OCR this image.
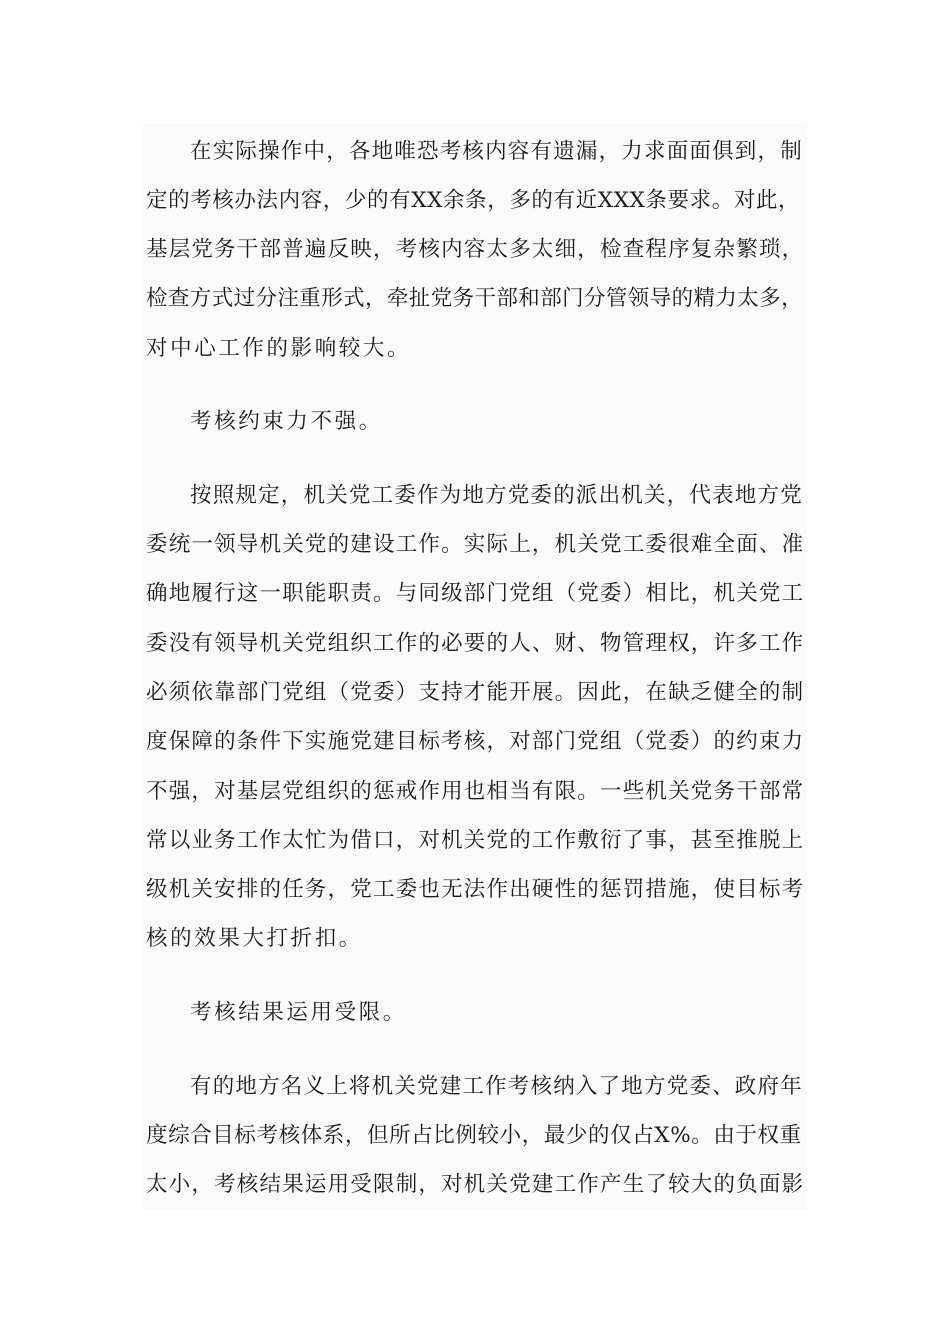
在实际操作中，各地唯恐考核内容有遗漏，力求面面俱到，制
定的考核办法内容，少的有XX余条，多的有近XXX条要求。对此，
基层党务干部普遍反映，考核内容太多太细，检查程序复杂繁琐，
检查方式过分注重形式，牵扯党务干部和部门分管领导的精力太多，
对中心工作的影响较大。
考核约束力不强。
按照规定，机关党工委作为地方党委的派出机关，代表地方党
委统一领导机关党的建设工作。实际上，机关党工委很难全面、准
确地履行这一职能职责。与同级部门党组（党委）相比，机关党工
委没有领导机关党组织工作的必要的人、财、物管理权，许多工作
必须依靠部门党组（党委）支持才能开展。因此，在缺乏健全的制
度保障的条件下实施党建目标考核，对部门党组（党委）的约束力
不强，对基层党组织的惩戒作用也相当有限。一些机关党务干部常
常以业务工作太忙为借口，对机关党的工作敷衍了事，甚至推脱上
级机关安排的任务，党工委也无法作出硬性的惩罚措施，使目标考
核的效果大打折扣。
考核结果运用受限。
有的地方名义上将机关党建工作考核纳入了地方党委、政府年
度综合目标考核体系，但所占比例较小，最少的仅占X%。由于权重
太小，考核结果运用受限制，对机关党建工作产生了较大的负面影
